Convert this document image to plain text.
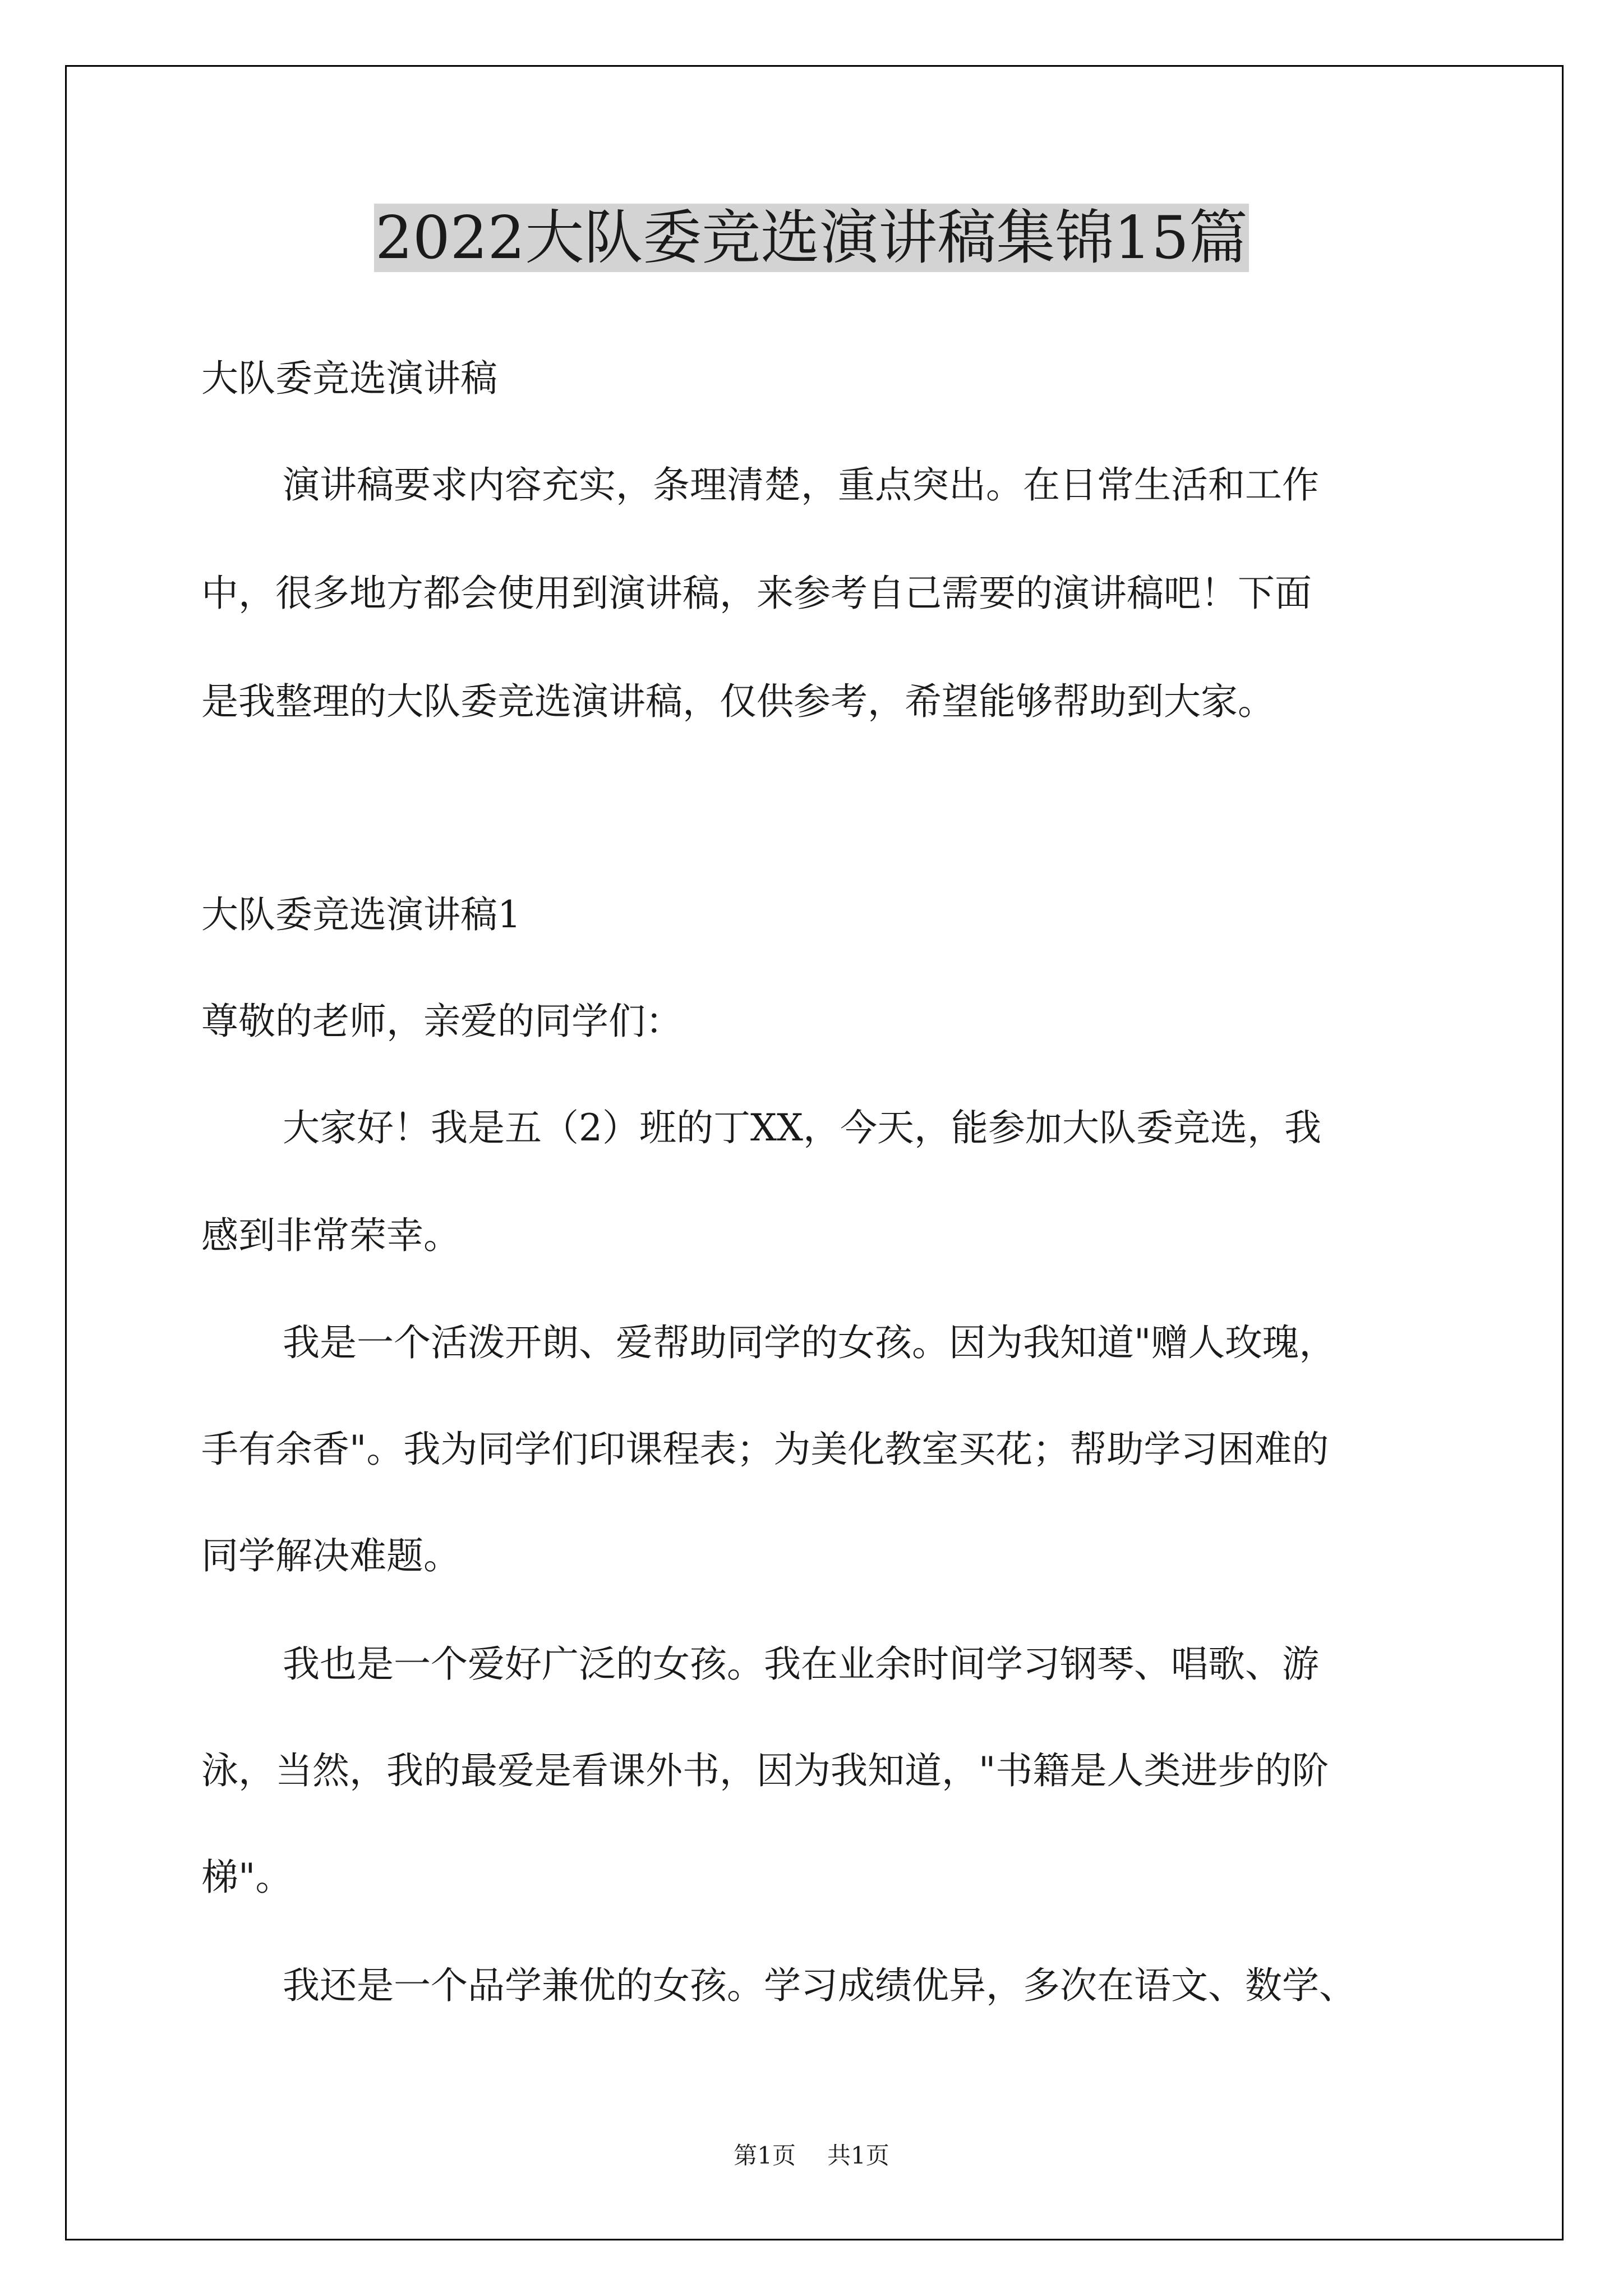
2022大队委竞选演讲稿集锦15篇
大队委竞选演讲稿
演讲稿要求内容充实，条理清楚，重点突出。在日常生活和工作
中，很多地方都会使用到演讲稿，来参考自己需要的演讲稿吧！下面
是我整理的大队委竞选演讲稿，仅供参考，希望能够帮助到大家。
大队委竞选演讲稿1
尊敬的老师，亲爱的同学们：
大家好！我是五（2）班的丁XX，今天，能参加大队委竞选，我
感到非常荣幸。
我是一个活泼开朗、爱帮助同学的女孩。因为我知道"赠人玫瑰，
手有余香"。我为同学们印课程表；为美化教室买花；帮助学习困难的
同学解决难题。
我也是一个爱好广泛的女孩。我在业余时间学习钢琴、唱歌、游
泳，当然，我的最爱是看课外书，因为我知道，"书籍是人类进步的阶
梯"。
我还是一个品学兼优的女孩。学习成绩优异，多次在语文、数学、
第1页 共1页
